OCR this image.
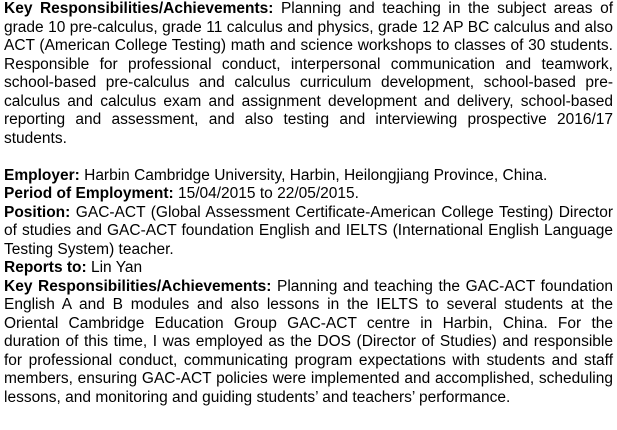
Key Responsibilities/Achievements: Planning and teaching in the subject areas of grade 10 pre-calculus, grade 11 calculus and physics, grade 12 AP BC calculus and also ACT (American College Testing) math and science workshops to classes of 30 students. Responsible for professional conduct, interpersonal communication and teamwork, school-based pre-calculus and calculus curriculum development, school-based pre-calculus and calculus exam and assignment development and delivery, school-based reporting and assessment, and also testing and interviewing prospective 2016/17 students.

Employer: Harbin Cambridge University, Harbin, Heilongjiang Province, China.

Period of Employment: 15/04/2015 to 22/05/2015.

Position: GAC-ACT (Global Assessment Certificate-American College Testing) Director of studies and GAC-ACT foundation English and IELTS (International English Language Testing System) teacher.

Reports to: Lin Yan

Key Responsibilities/Achievements: Planning and teaching the GAC-ACT foundation English A and B modules and also lessons in the IELTS to several students at the Oriental Cambridge Education Group GAC-ACT centre in Harbin, China. For the duration of this time, I was employed as the DOS (Director of Studies) and responsible for professional conduct, communicating program expectations with students and staff members, ensuring GAC-ACT policies were implemented and accomplished, scheduling lessons, and monitoring and guiding students’ and teachers’ performance.
